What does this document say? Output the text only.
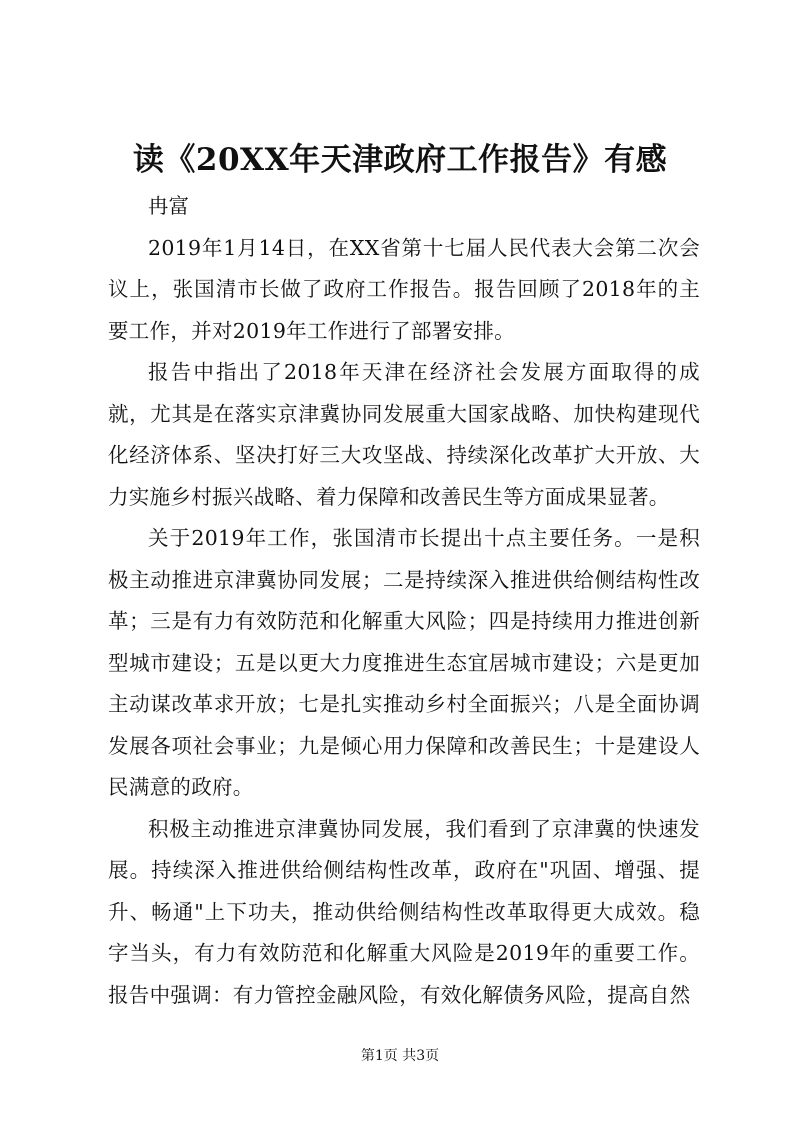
读《20XX年天津政府工作报告》有感

冉富

2019年1月14日，在XX省第十七届人民代表大会第二次会议上，张国清市长做了政府工作报告。报告回顾了2018年的主要工作，并对2019年工作进行了部署安排。

报告中指出了2018年天津在经济社会发展方面取得的成就，尤其是在落实京津冀协同发展重大国家战略、加快构建现代化经济体系、坚决打好三大攻坚战、持续深化改革扩大开放、大力实施乡村振兴战略、着力保障和改善民生等方面成果显著。

关于2019年工作，张国清市长提出十点主要任务。一是积极主动推进京津冀协同发展；二是持续深入推进供给侧结构性改革；三是有力有效防范和化解重大风险；四是持续用力推进创新型城市建设；五是以更大力度推进生态宜居城市建设；六是更加主动谋改革求开放；七是扎实推动乡村全面振兴；八是全面协调发展各项社会事业；九是倾心用力保障和改善民生；十是建设人民满意的政府。

积极主动推进京津冀协同发展，我们看到了京津冀的快速发展。持续深入推进供给侧结构性改革，政府在"巩固、增强、提升、畅通"上下功夫，推动供给侧结构性改革取得更大成效。稳字当头，有力有效防范和化解重大风险是2019年的重要工作。报告中强调：有力管控金融风险，有效化解债务风险，提高自然

第1页 共3页
